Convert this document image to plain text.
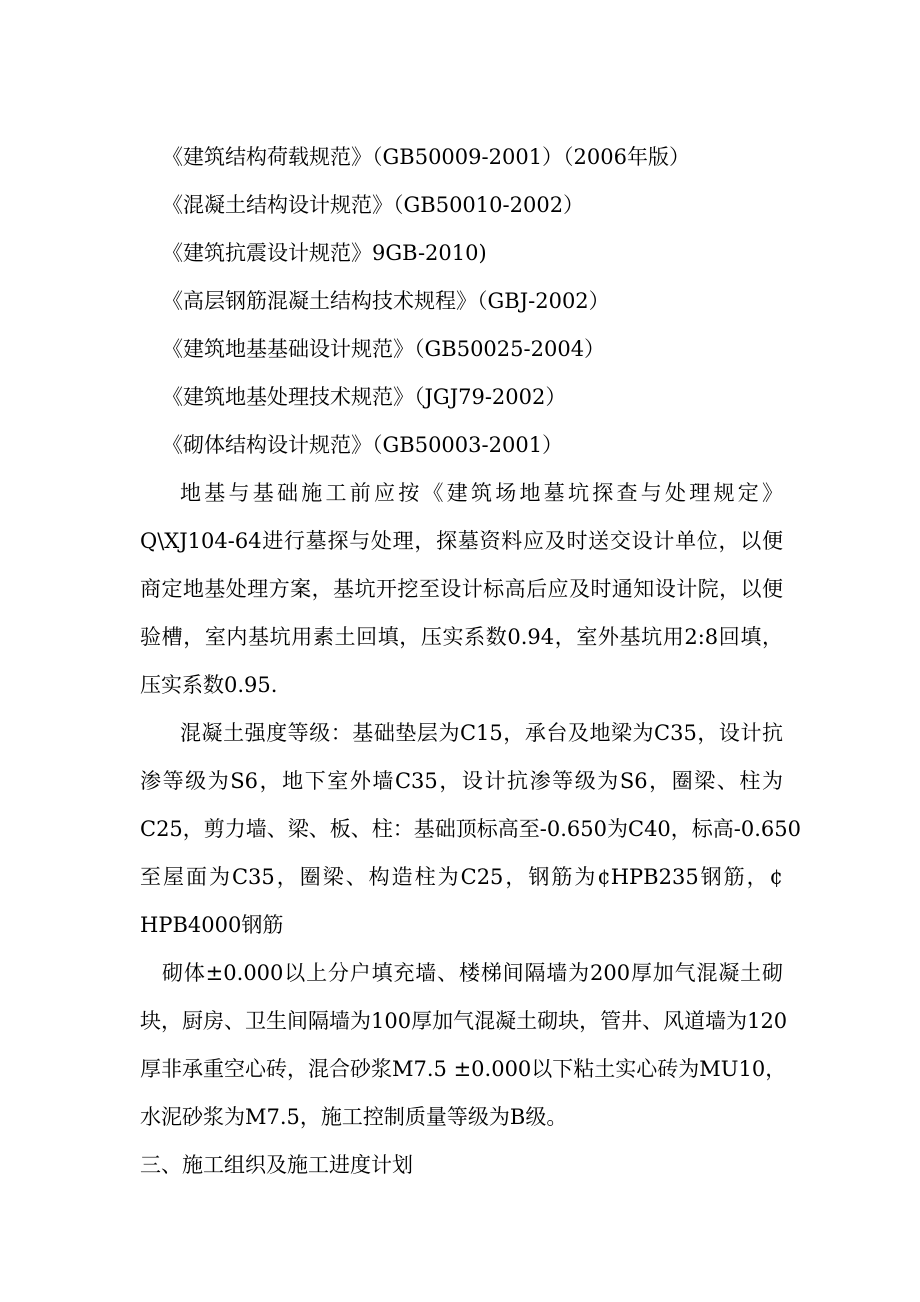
《建筑结构荷载规范》（GB50009-2001）（2006年版）
《混凝土结构设计规范》（GB50010-2002）
《建筑抗震设计规范》9GB-2010)
《高层钢筋混凝土结构技术规程》（GBJ-2002）
《建筑地基基础设计规范》（GB50025-2004）
《建筑地基处理技术规范》（JGJ79-2002）
《砌体结构设计规范》（GB50003-2001）
地基与基础施工前应按《建筑场地墓坑探查与处理规定》
Q\XJ104-64进行墓探与处理，探墓资料应及时送交设计单位，以便
商定地基处理方案，基坑开挖至设计标高后应及时通知设计院，以便
验槽，室内基坑用素土回填，压实系数0.94，室外基坑用2:8回填，
压实系数0.95.
混凝土强度等级：基础垫层为C15，承台及地梁为C35，设计抗
渗等级为S6，地下室外墙C35，设计抗渗等级为S6，圈梁、柱为
C25，剪力墙、梁、板、柱：基础顶标高至-0.650为C40，标高-0.650
至屋面为C35，圈梁、构造柱为C25，钢筋为¢HPB235钢筋，¢
HPB4000钢筋
砌体±0.000以上分户填充墙、楼梯间隔墙为200厚加气混凝土砌
块，厨房、卫生间隔墙为100厚加气混凝土砌块，管井、风道墙为120
厚非承重空心砖，混合砂浆M7.5 ±0.000以下粘土实心砖为MU10，
水泥砂浆为M7.5，施工控制质量等级为B级。
三、施工组织及施工进度计划
